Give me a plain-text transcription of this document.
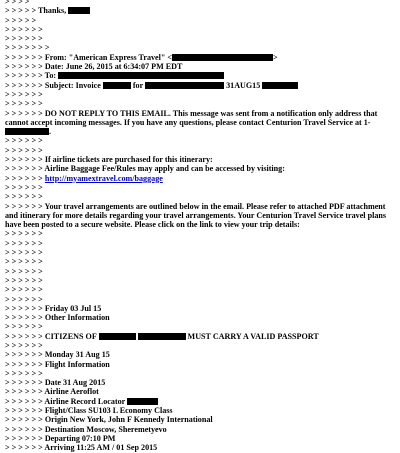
> > > >
> > > > > Thanks,
> > > > >
> > > > > >
> > > > > >
> > > > > > >
> > > > > > From: "American Express Travel" <	>
> > > > > > Date: June 26, 2015 at 6:34:07 PM EDT
> > > > > > To:
> > > > > > Subject: Invoice	for	31AUG15
> > > > > >
> > > > > >
> > > > > > DO NOT REPLY TO THIS EMAIL. This message was sent from a notification only address that cannot accept incoming messages. If you have any questions, please contact Centurion Travel Service at 1-.
> > > > > >
> > > > > >
> > > > > > If airline tickets are purchased for this itinerary:
> > > > > > Airline Baggage Fee/Rules may apply and can be accessed by visiting:
> > > > > > http://myamextravel.com/baggage
> > > > > >
> > > > > >
> > > > > > Your travel arrangements are outlined below in the email. Please refer to attached PDF attachment and itinerary for more details regarding your travel arrangements. Your Centurion Travel Service travel plans have been posted to a secure website. Please click on the link to view your trip details:
> > > > > >
> > > > > >
> > > > > >
> > > > > >
> > > > > >
> > > > > >
> > > > > >
> > > > > >
> > > > > > Friday 03 Jul 15
> > > > > > Other Information
> > > > > >
> > > > > > CITIZENS OF	MUST CARRY A VALID PASSPORT
> > > > > >
> > > > > > Monday 31 Aug 15
> > > > > > Flight Information
> > > > > >
> > > > > > Date 31 Aug 2015
> > > > > > Airline Aeroflot
> > > > > > Airline Record Locator
> > > > > > Flight/Class SU103 L Economy Class
> > > > > > Origin New York, John F Kennedy International
> > > > > > Destination Moscow, Sheremetyevo
> > > > > > Departing 07:10 PM
> > > > > > Arriving 11:25 AM / 01 Sep 2015
